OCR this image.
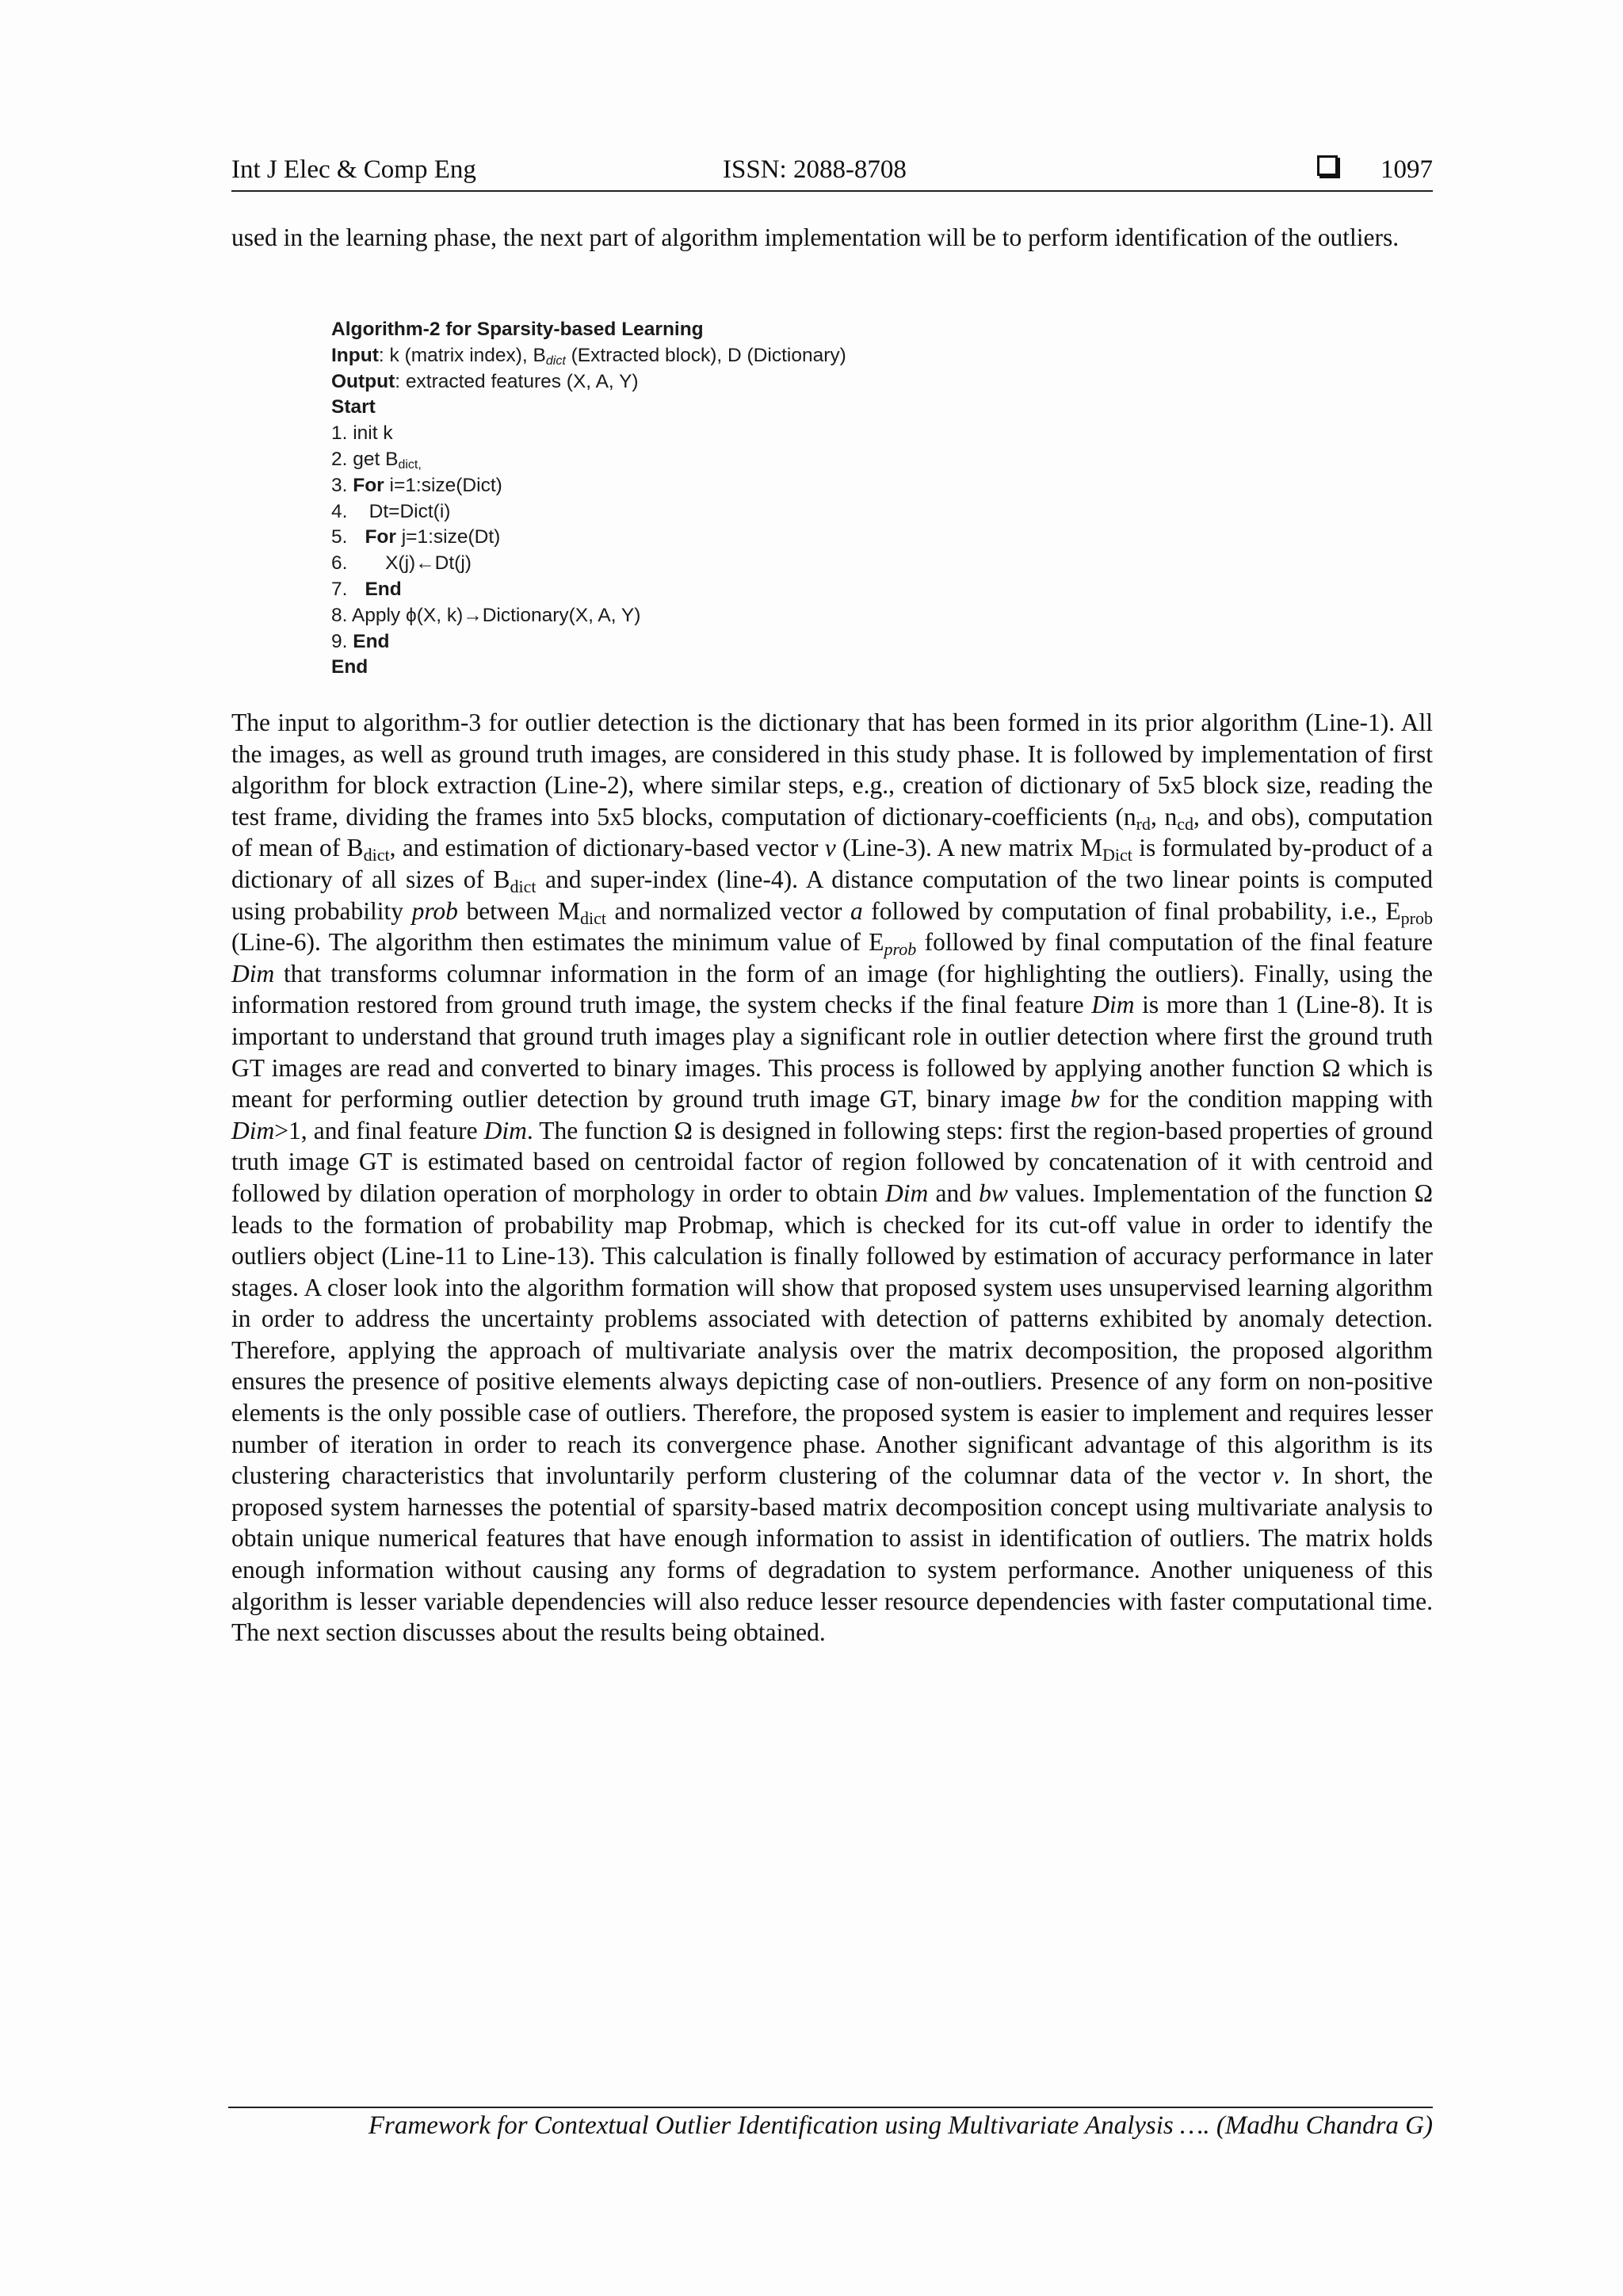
Int J Elec & Comp Eng	ISSN: 2088-8708	1097
used in the learning phase, the next part of algorithm implementation will be to perform identification of the outliers.
Algorithm-2 for Sparsity-based Learning
Input: k (matrix index), $B_{dict}$ (Extracted block), D (Dictionary)
Output: extracted features (X, A, Y)
Start
1. init k
2. get $B_{dict,}$
3. For i=1:size(Dict)
4.    Dt=Dict(i)
5. For j=1:size(Dt)
6.       X(j)←Dt(j)
7. End
8. Apply ϕ(X, k)→Dictionary(X, A, Y)
9. End
End
The input to algorithm-3 for outlier detection is the dictionary that has been formed in its prior algorithm (Line-1). All the images, as well as ground truth images, are considered in this study phase. It is followed by implementation of first algorithm for block extraction (Line-2), where similar steps, e.g., creation of dictionary of 5x5 block size, reading the test frame, dividing the frames into 5x5 blocks, computation of dictionary-coefficients ($n_{rd}$, $n_{cd}$, and obs), computation of mean of $B_{dict}$, and estimation of dictionary-based vector v (Line-3). A new matrix $M_{Dict}$ is formulated by-product of a dictionary of all sizes of $B_{dict}$ and super-index (line-4). A distance computation of the two linear points is computed using probability prob between $M_{dict}$ and normalized vector a followed by computation of final probability, i.e., $E_{prob}$ (Line-6). The algorithm then estimates the minimum value of $E_{prob}$ followed by final computation of the final feature Dim that transforms columnar information in the form of an image (for highlighting the outliers). Finally, using the information restored from ground truth image, the system checks if the final feature Dim is more than 1 (Line-8). It is important to understand that ground truth images play a significant role in outlier detection where first the ground truth GT images are read and converted to binary images. This process is followed by applying another function Ω which is meant for performing outlier detection by ground truth image GT, binary image bw for the condition mapping with Dim>1, and final feature Dim. The function Ω is designed in following steps: first the region-based properties of ground truth image GT is estimated based on centroidal factor of region followed by concatenation of it with centroid and followed by dilation operation of morphology in order to obtain Dim and bw values. Implementation of the function Ω leads to the formation of probability map Probmap, which is checked for its cut-off value in order to identify the outliers object (Line-11 to Line-13). This calculation is finally followed by estimation of accuracy performance in later stages. A closer look into the algorithm formation will show that proposed system uses unsupervised learning algorithm in order to address the uncertainty problems associated with detection of patterns exhibited by anomaly detection. Therefore, applying the approach of multivariate analysis over the matrix decomposition, the proposed algorithm ensures the presence of positive elements always depicting case of non-outliers. Presence of any form on non-positive elements is the only possible case of outliers. Therefore, the proposed system is easier to implement and requires lesser number of iteration in order to reach its convergence phase. Another significant advantage of this algorithm is its clustering characteristics that involuntarily perform clustering of the columnar data of the vector v. In short, the proposed system harnesses the potential of sparsity-based matrix decomposition concept using multivariate analysis to obtain unique numerical features that have enough information to assist in identification of outliers. The matrix holds enough information without causing any forms of degradation to system performance. Another uniqueness of this algorithm is lesser variable dependencies will also reduce lesser resource dependencies with faster computational time. The next section discusses about the results being obtained.
Framework for Contextual Outlier Identification using Multivariate Analysis …. (Madhu Chandra G)
